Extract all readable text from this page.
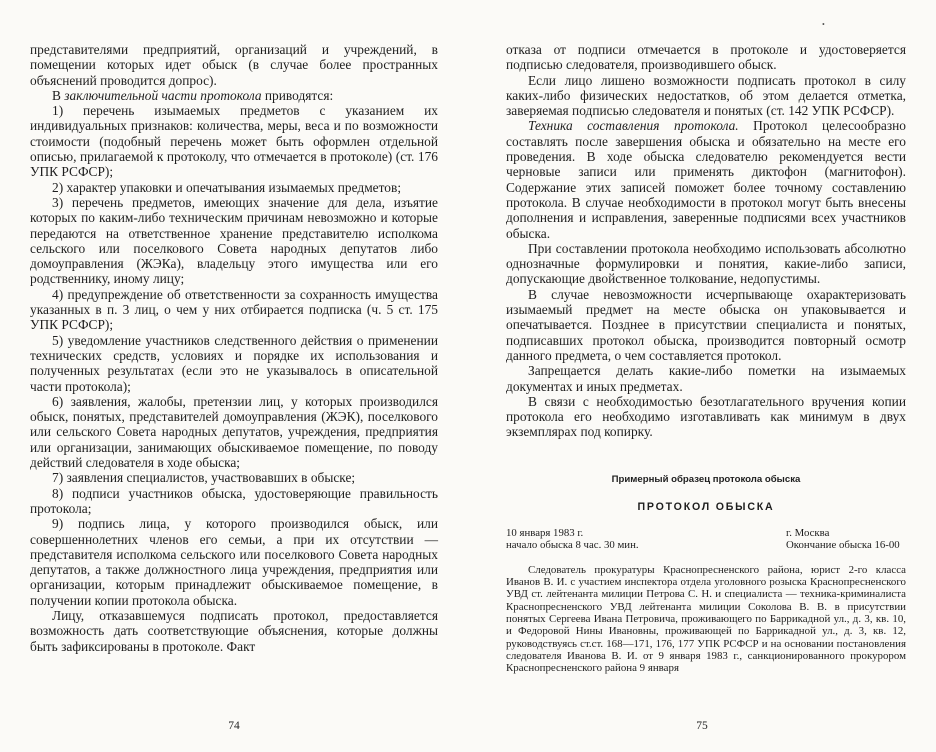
представителями предприятий, организаций и учреждений, в помещении которых идет обыск (в случае более пространных объяснений проводится допрос).

В заключительной части протокола приводятся:

1) перечень изымаемых предметов с указанием их индивидуальных признаков: количества, меры, веса и по возможности стоимости (подобный перечень может быть оформлен отдельной описью, прилагаемой к протоколу, что отмечается в протоколе) (ст. 176 УПК РСФСР);

2) характер упаковки и опечатывания изымаемых предметов;

3) перечень предметов, имеющих значение для дела, изъятие которых по каким-либо техническим причинам невозможно и которые передаются на ответственное хранение представителю исполкома сельского или поселкового Совета народных депутатов либо домоуправления (ЖЭКа), владельцу этого имущества или его родственнику, иному лицу;

4) предупреждение об ответственности за сохранность имущества указанных в п. 3 лиц, о чем у них отбирается подписка (ч. 5 ст. 175 УПК РСФСР);

5) уведомление участников следственного действия о применении технических средств, условиях и порядке их использования и полученных результатах (если это не указывалось в описательной части протокола);

6) заявления, жалобы, претензии лиц, у которых производился обыск, понятых, представителей домоуправления (ЖЭК), поселкового или сельского Совета народных депутатов, учреждения, предприятия или организации, занимающих обыскиваемое помещение, по поводу действий следователя в ходе обыска;

7) заявления специалистов, участвовавших в обыске;

8) подписи участников обыска, удостоверяющие правильность протокола;

9) подпись лица, у которого производился обыск, или совершеннолетних членов его семьи, а при их отсутствии — представителя исполкома сельского или поселкового Совета народных депутатов, а также должностного лица учреждения, предприятия или организации, которым принадлежит обыскиваемое помещение, в получении копии протокола обыска.

Лицу, отказавшемуся подписать протокол, предоставляется возможность дать соответствующие объяснения, которые должны быть зафиксированы в протоколе. Факт

74
•

отказа от подписи отмечается в протоколе и удостоверяется подписью следователя, производившего обыск.

Если лицо лишено возможности подписать протокол в силу каких-либо физических недостатков, об этом делается отметка, заверяемая подписью следователя и понятых (ст. 142 УПК РСФСР).

Техника составления протокола. Протокол целесообразно составлять после завершения обыска и обязательно на месте его проведения. В ходе обыска следователю рекомендуется вести черновые записи или применять диктофон (магнитофон). Содержание этих записей поможет более точному составлению протокола. В случае необходимости в протокол могут быть внесены дополнения и исправления, заверенные подписями всех участников обыска.

При составлении протокола необходимо использовать абсолютно однозначные формулировки и понятия, какие-либо записи, допускающие двойственное толкование, недопустимы.

В случае невозможности исчерпывающе охарактеризовать изымаемый предмет на месте обыска он упаковывается и опечатывается. Позднее в присутствии специалиста и понятых, подписавших протокол обыска, производится повторный осмотр данного предмета, о чем составляется протокол.

Запрещается делать какие-либо пометки на изымаемых документах и иных предметах.

В связи с необходимостью безотлагательного вручения копии протокола его необходимо изготавливать как минимум в двух экземплярах под копирку.

Примерный образец протокола обыска
ПРОТОКОЛ ОБЫСКА
10 января 1983 г.	г. Москва
начало обыска 8 час. 30 мин.	Окончание обыска 16-00

Следователь прокуратуры Краснопресненского района, юрист 2-го класса Иванов В. И. с участием инспектора отдела уголовного розыска Краснопресненского УВД ст. лейтенанта милиции Петрова С. Н. и специалиста — техника-криминалиста Краснопресненского УВД лейтенанта милиции Соколова В. В. в присутствии понятых Сергеева Ивана Петровича, проживающего по Баррикадной ул., д. 3, кв. 10, и Федоровой Нины Ивановны, проживающей по Баррикадной ул., д. 3, кв. 12, руководствуясь ст.ст. 168—171, 176, 177 УПК РСФСР и на основании постановления следователя Иванова В. И. от 9 января 1983 г., санкционированного прокурором Краснопресненского района 9 января

75
